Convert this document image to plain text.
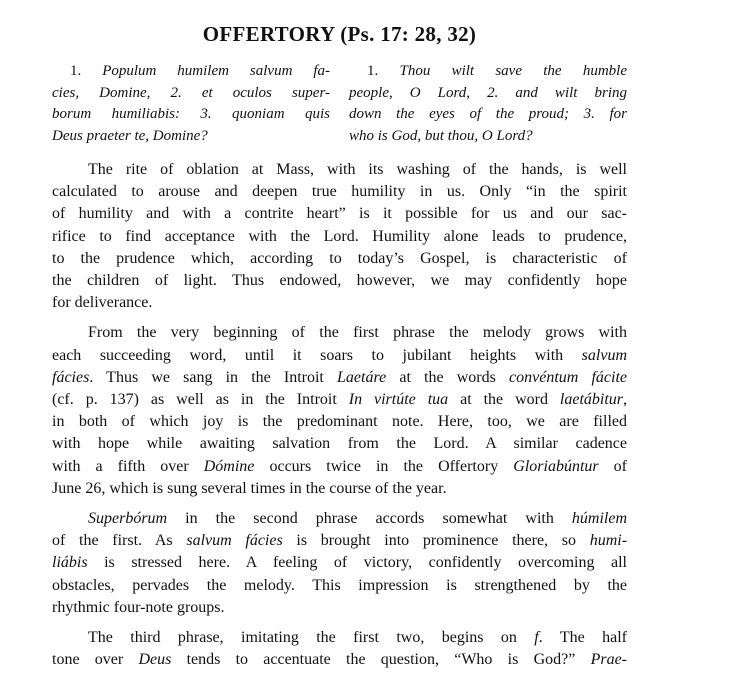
OFFERTORY (Ps. 17: 28, 32)
1. Populum humilem salvum fa-
cies, Domine, 2. et oculos super-
borum humiliabis: 3. quoniam quis
Deus praeter te, Domine?
1. Thou wilt save the humble
people, O Lord, 2. and wilt bring
down the eyes of the proud; 3. for
who is God, but thou, O Lord?

The rite of oblation at Mass, with its washing of the hands, is well
calculated to arouse and deepen true humility in us. Only “in the spirit
of humility and with a contrite heart” is it possible for us and our sac-
rifice to find acceptance with the Lord. Humility alone leads to prudence,
to the prudence which, according to today’s Gospel, is characteristic of
the children of light. Thus endowed, however, we may confidently hope
for deliverance.

From the very beginning of the first phrase the melody grows with
each succeeding word, until it soars to jubilant heights with salvum
fácies. Thus we sang in the Introit Laetáre at the words convéntum fácite
(cf. p. 137) as well as in the Introit In virtúte tua at the word laetábitur,
in both of which joy is the predominant note. Here, too, we are filled
with hope while awaiting salvation from the Lord. A similar cadence
with a fifth over Dómine occurs twice in the Offertory Gloriabúntur of
June 26, which is sung several times in the course of the year.

Superbórum in the second phrase accords somewhat with húmilem
of the first. As salvum fácies is brought into prominence there, so humi-
liábis is stressed here. A feeling of victory, confidently overcoming all
obstacles, pervades the melody. This impression is strengthened by the
rhythmic four-note groups.

The third phrase, imitating the first two, begins on f. The half
tone over Deus tends to accentuate the question, “Who is God?” Prae-
